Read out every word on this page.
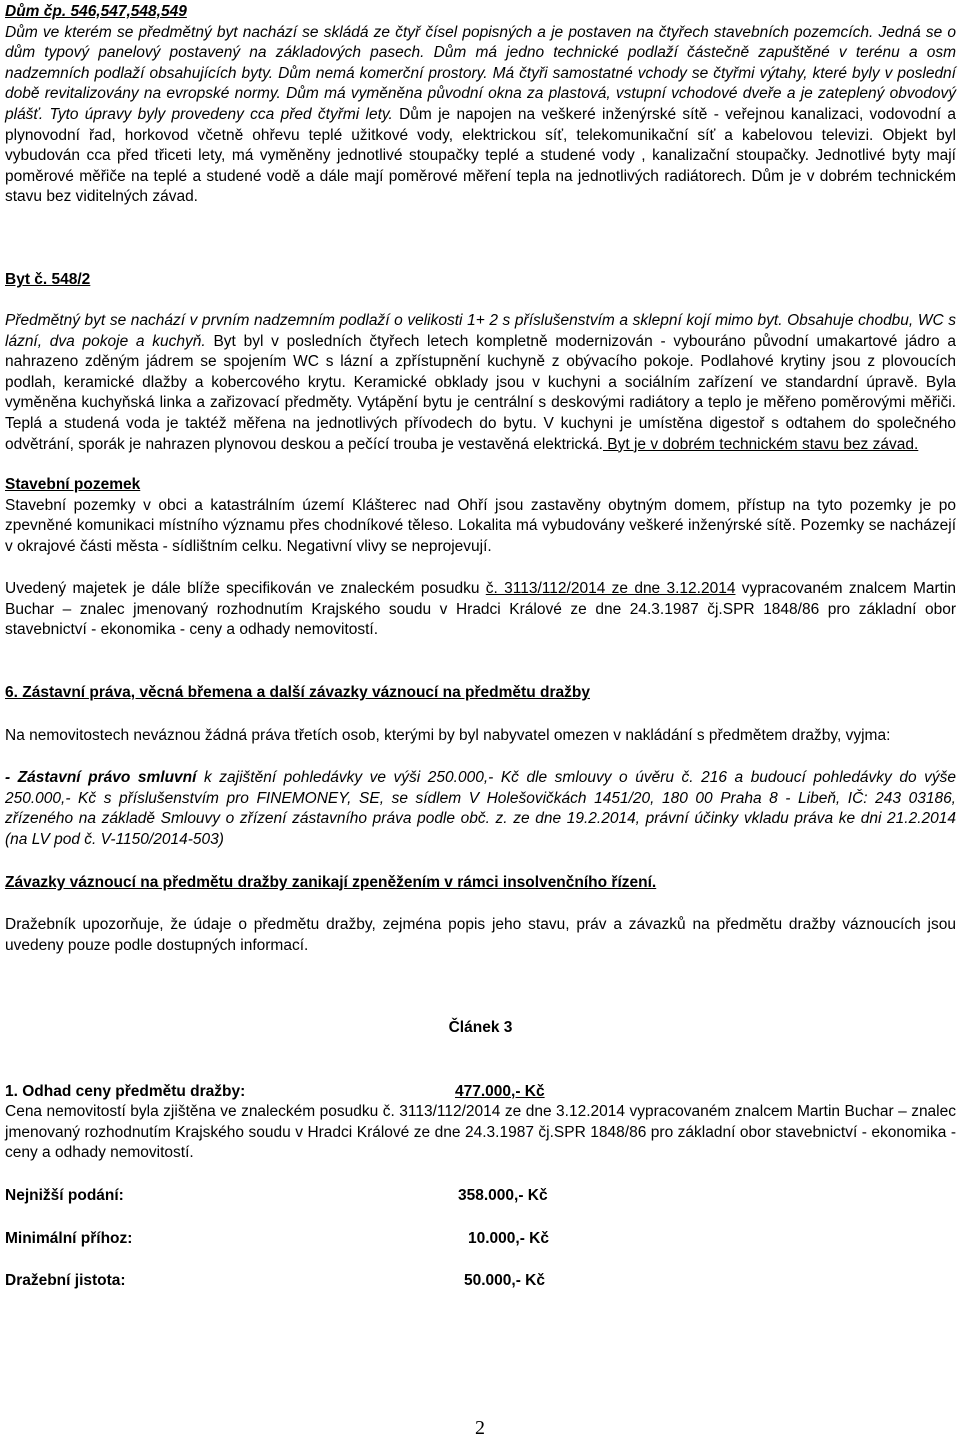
Dům čp. 546,547,548,549

Dům ve kterém se předmětný byt nachází se skládá ze čtyř čísel popisných a je postaven na čtyřech stavebních pozemcích. Jedná se o dům typový panelový postavený na základových pasech. Dům má jedno technické podlaží částečně zapuštěné v terénu a osm nadzemních podlaží obsahujících byty. Dům nemá komerční prostory. Má čtyři samostatné vchody se čtyřmi výtahy, které byly v poslední době revitalizovány na evropské normy. Dům má vyměněna původní okna za plastová, vstupní vchodové dveře a je zateplený obvodový plášť. Tyto úpravy byly provedeny cca před čtyřmi lety. Dům je napojen na veškeré inženýrské sítě - veřejnou kanalizaci, vodovodní a plynovodní řad, horkovod včetně ohřevu teplé užitkové vody, elektrickou síť, telekomunikační síť a kabelovou televizi. Objekt byl vybudován cca před třiceti lety, má vyměněny jednotlivé stoupačky teplé a studené vody , kanalizační stoupačky. Jednotlivé byty mají poměrové měřiče na teplé a studené vodě a dále mají poměrové měření tepla na jednotlivých radiátorech. Dům je v dobrém technickém stavu bez viditelných závad.

Byt č. 548/2

Předmětný byt se nachází v prvním nadzemním podlaží o velikosti 1+ 2 s příslušenstvím a sklepní kojí mimo byt. Obsahuje chodbu, WC s lázní, dva pokoje a kuchyň. Byt byl v posledních čtyřech letech kompletně modernizován - vybouráno původní umakartové jádro a nahrazeno zděným jádrem se spojením WC s lázní a zpřístupnění kuchyně z obývacího pokoje. Podlahové krytiny jsou z plovoucích podlah, keramické dlažby a kobercového krytu. Keramické obklady jsou v kuchyni a sociálním zařízení ve standardní úpravě. Byla vyměněna kuchyňská linka a zařizovací předměty. Vytápění bytu je centrální s deskovými radiátory a teplo je měřeno poměrovými měřiči. Teplá a studená voda je taktéž měřena na jednotlivých přívodech do bytu. V kuchyni je umístěna digestoř s odtahem do společného odvětrání, sporák je nahrazen plynovou deskou a pečící trouba je vestavěná elektrická. Byt je v dobrém technickém stavu bez závad.

Stavební pozemek

Stavební pozemky v obci a katastrálním území Klášterec nad Ohří jsou zastavěny obytným domem, přístup na tyto pozemky je po zpevněné komunikaci místního významu přes chodníkové těleso. Lokalita má vybudovány veškeré inženýrské sítě. Pozemky se nacházejí v okrajové části města - sídlištním celku. Negativní vlivy se neprojevují.

Uvedený majetek je dále blíže specifikován ve znaleckém posudku č. 3113/112/2014 ze dne 3.12.2014 vypracovaném znalcem Martin Buchar – znalec jmenovaný rozhodnutím Krajského soudu v Hradci Králové ze dne 24.3.1987 čj.SPR 1848/86 pro základní obor stavebnictví - ekonomika - ceny a odhady nemovitostí.

6. Zástavní práva, věcná břemena a další závazky váznoucí na předmětu dražby

Na nemovitostech neváznou žádná práva třetích osob, kterými by byl nabyvatel omezen v nakládání s předmětem dražby, vyjma:

- Zástavní právo smluvní k zajištění pohledávky ve výši 250.000,- Kč dle smlouvy o úvěru č. 216 a budoucí pohledávky do výše 250.000,- Kč s příslušenstvím pro FINEMONEY, SE, se sídlem V Holešovičkách 1451/20, 180 00 Praha 8 - Libeň, IČ: 243 03186, zřízeného na základě Smlouvy o zřízení zástavního práva podle obč. z. ze dne 19.2.2014, právní účinky vkladu práva ke dni 21.2.2014 (na LV pod č. V-1150/2014-503)

Závazky váznoucí na předmětu dražby zanikají zpeněžením v rámci insolvenčního řízení.

Dražebník upozorňuje, že údaje o předmětu dražby, zejména popis jeho stavu, práv a závazků na předmětu dražby váznoucích jsou uvedeny pouze podle dostupných informací.

Článek 3

1. Odhad ceny předmětu dražby:	477.000,- Kč

Cena nemovitostí byla zjištěna ve znaleckém posudku č. 3113/112/2014 ze dne 3.12.2014 vypracovaném znalcem Martin Buchar – znalec jmenovaný rozhodnutím Krajského soudu v Hradci Králové ze dne 24.3.1987 čj.SPR 1848/86 pro základní obor stavebnictví - ekonomika - ceny a odhady nemovitostí.

Nejnižší podání:	358.000,- Kč
Minimální příhoz:	10.000,- Kč
Dražební jistota:	50.000,- Kč
2
